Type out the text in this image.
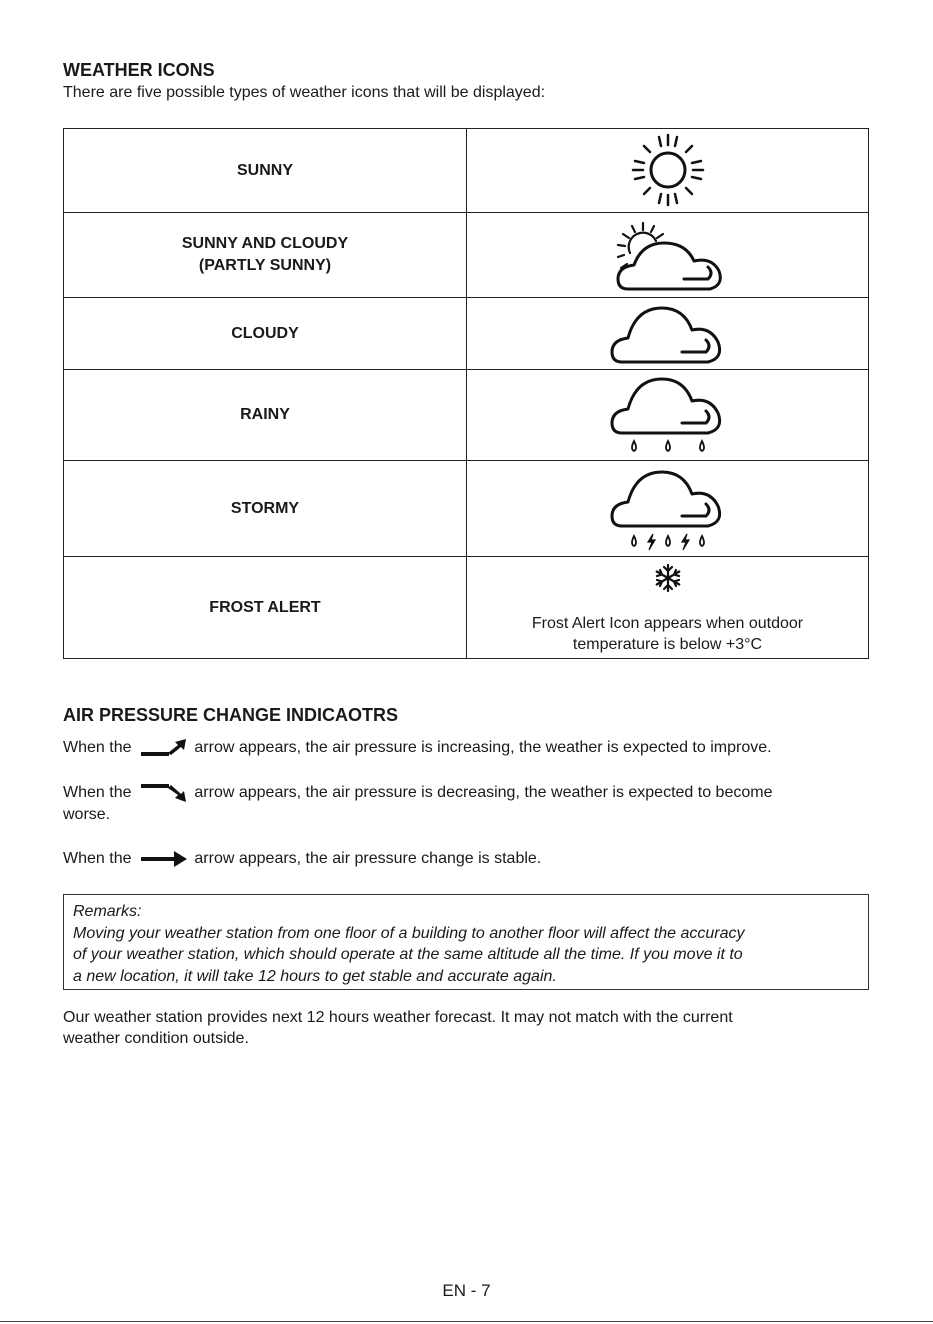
WEATHER ICONS
There are five possible types of weather icons that will be displayed:
SUNNY	

SUNNY AND CLOUDY
(PARTLY SUNNY)

CLOUDY	

RAINY	

STORMY	

FROST ALERT	Frost Alert Icon appears when outdoor
temperature is below +3°C
AIR PRESSURE CHANGE INDICAOTRS
When the	arrow appears, the air pressure is increasing, the weather is expected to improve.
When the	arrow appears, the air pressure is decreasing, the weather is expected to become
worse.
When the	arrow appears, the air pressure change is stable.
Remarks:
Moving your weather station from one floor of a building to another floor will affect the accuracy
of your weather station, which should operate at the same altitude all the time. If you move it to
a new location, it will take 12 hours to get stable and accurate again.
Our weather station provides next 12 hours weather forecast. It may not match with the current
weather condition outside.
EN - 7
